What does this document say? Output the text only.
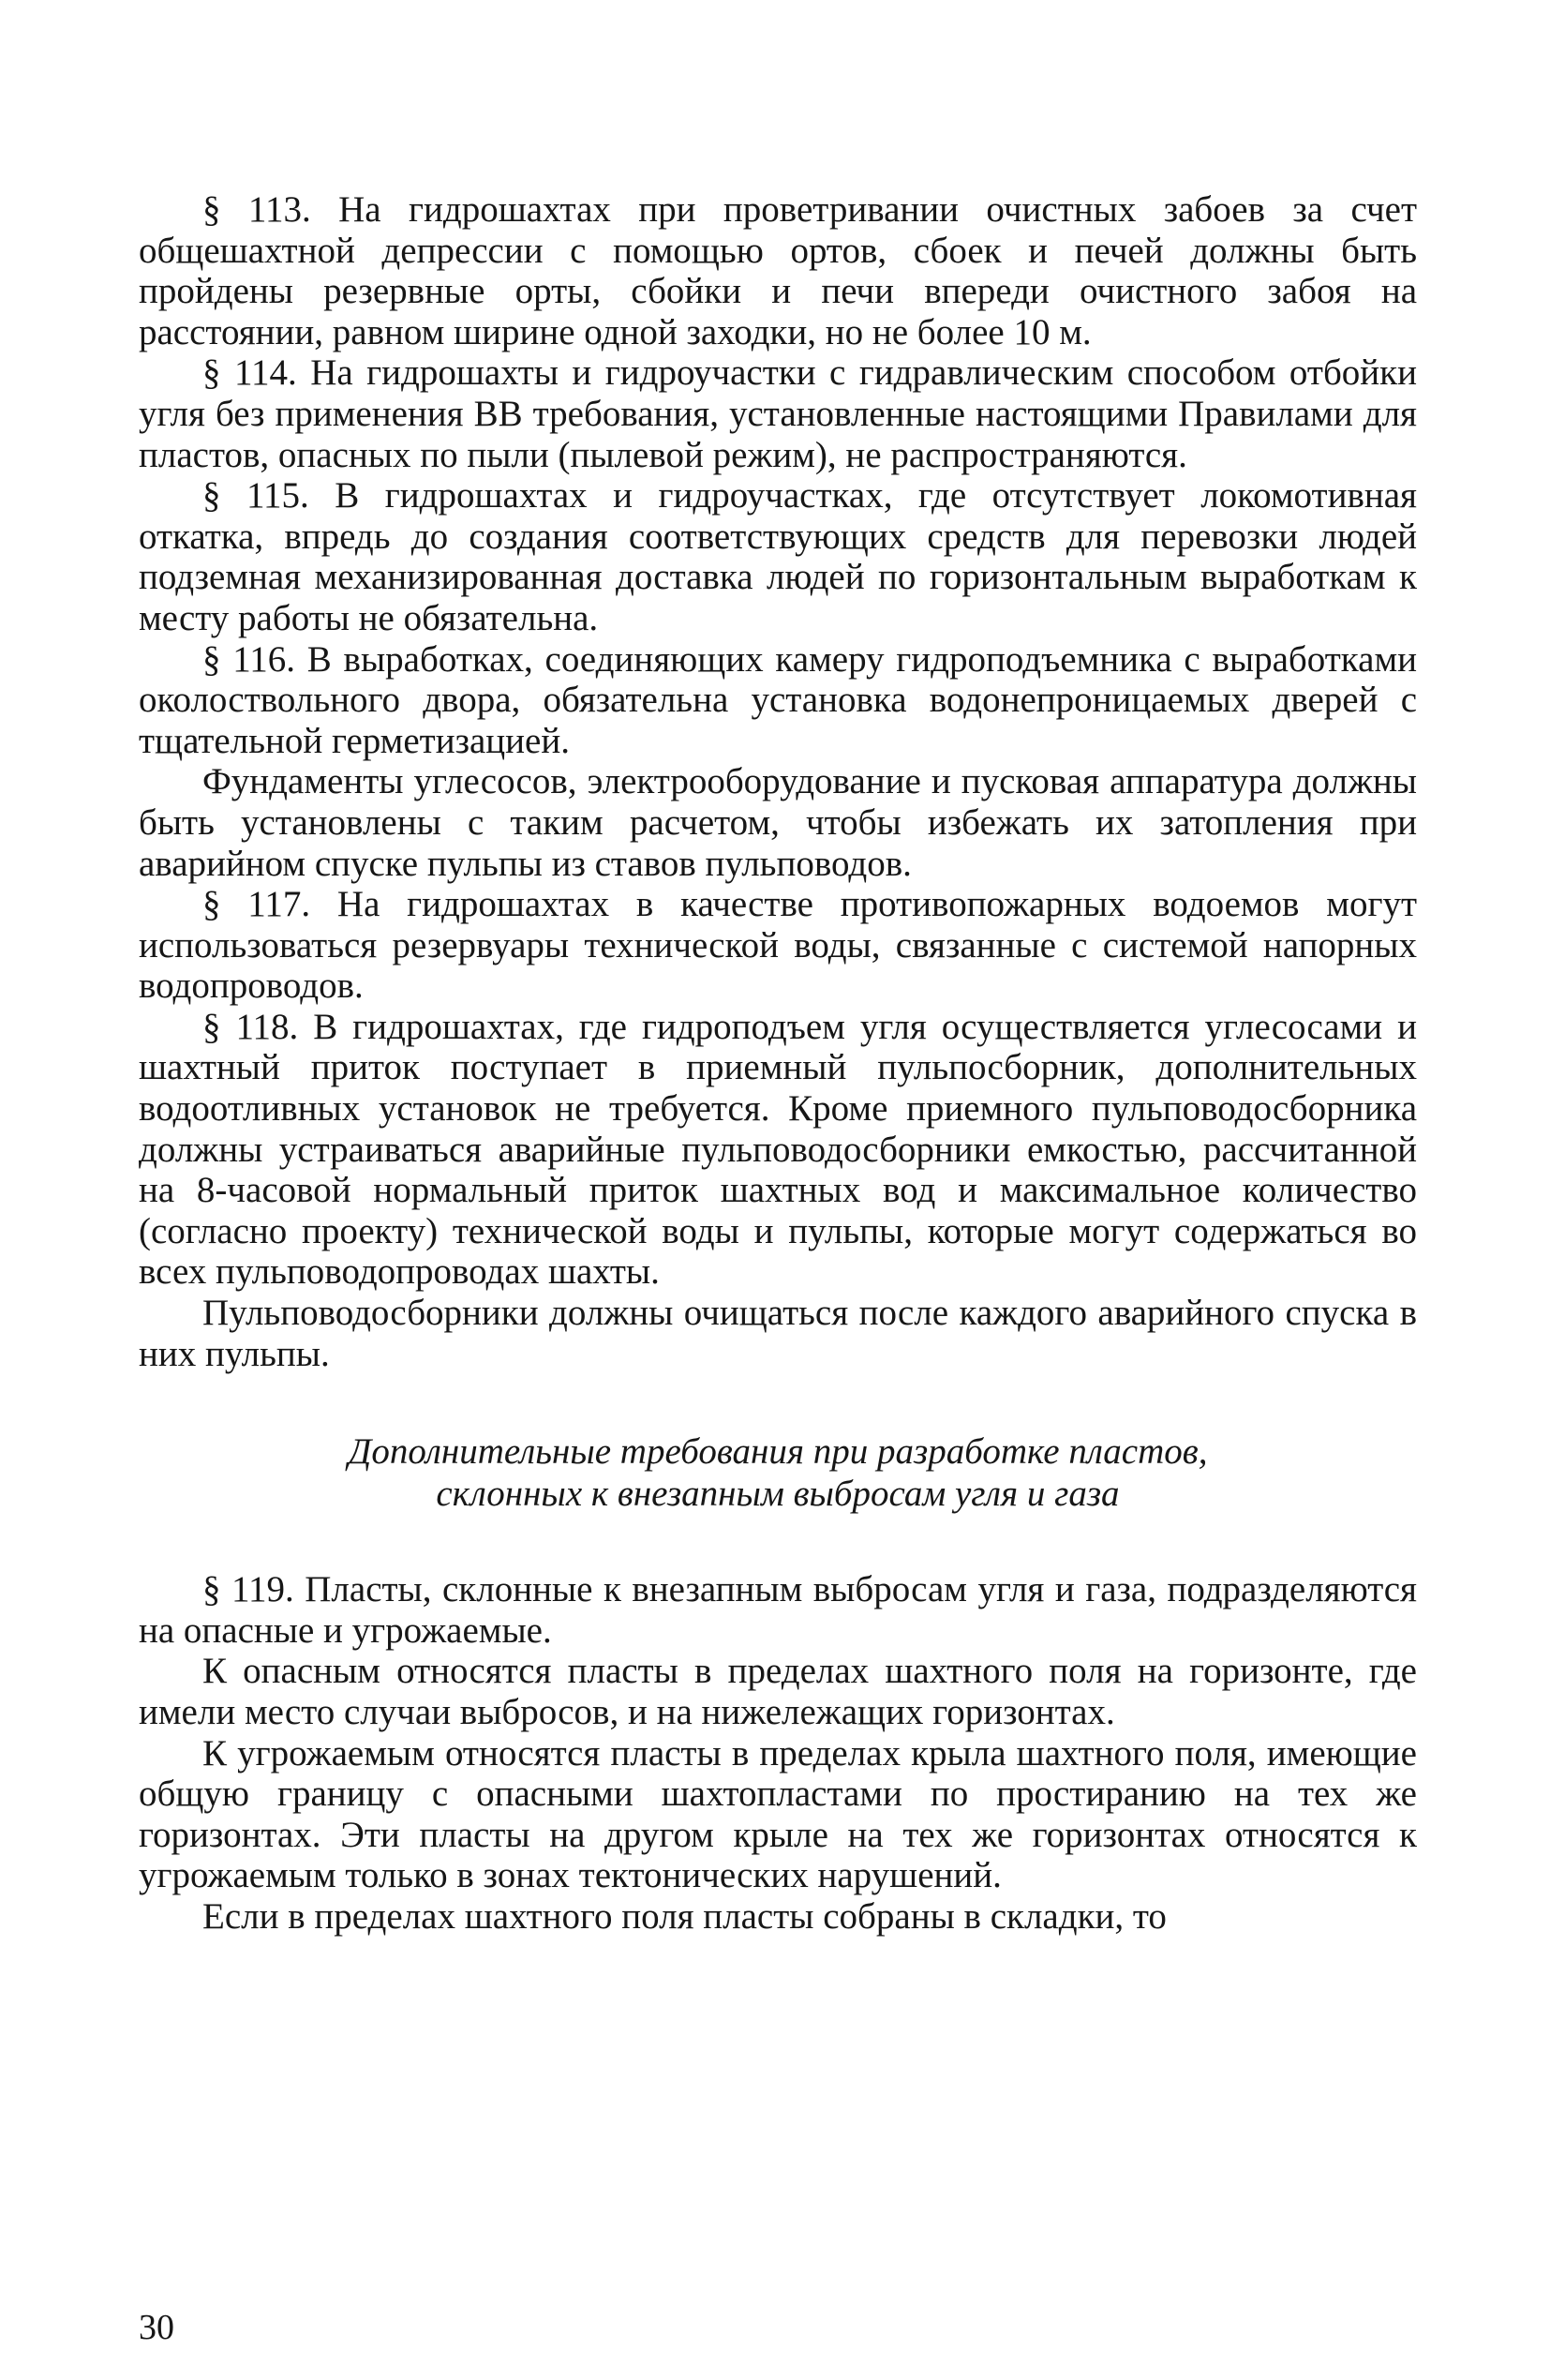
§ 113. На гидрошахтах при проветривании очистных забоев за счет общешахтной депрессии с помощью ортов, сбоек и печей должны быть пройдены резервные орты, сбойки и печи впереди очистного забоя на расстоянии, равном ширине одной заходки, но не более 10 м.

§ 114. На гидрошахты и гидроучастки с гидравлическим способом отбойки угля без применения ВВ требования, установленные настоящими Правилами для пластов, опасных по пыли (пылевой режим), не распространяются.

§ 115. В гидрошахтах и гидроучастках, где отсутствует локомотивная откатка, впредь до создания соответствующих средств для перевозки людей подземная механизированная доставка людей по горизонтальным выработкам к месту работы не обязательна.

§ 116. В выработках, соединяющих камеру гидроподъемника с выработками околоствольного двора, обязательна установка водонепроницаемых дверей с тщательной герметизацией.

Фундаменты углесосов, электрооборудование и пусковая аппаратура должны быть установлены с таким расчетом, чтобы избежать их затопления при аварийном спуске пульпы из ставов пульповодов.

§ 117. На гидрошахтах в качестве противопожарных водоемов могут использоваться резервуары технической воды, связанные с системой напорных водопроводов.

§ 118. В гидрошахтах, где гидроподъем угля осуществляется углесосами и шахтный приток поступает в приемный пульпосборник, дополнительных водоотливных установок не требуется. Кроме приемного пульповодосборника должны устраиваться аварийные пульповодосборники емкостью, рассчитанной на 8-часовой нормальный приток шахтных вод и максимальное количество (согласно проекту) технической воды и пульпы, которые могут содержаться во всех пульповодопроводах шахты.

Пульповодосборники должны очищаться после каждого аварийного спуска в них пульпы.

Дополнительные требования при разработке пластов,
склонных к внезапным выбросам угля и газа

§ 119. Пласты, склонные к внезапным выбросам угля и газа, подразделяются на опасные и угрожаемые.

К опасным относятся пласты в пределах шахтного поля на горизонте, где имели место случаи выбросов, и на нижележащих горизонтах.

К угрожаемым относятся пласты в пределах крыла шахтного поля, имеющие общую границу с опасными шахтопластами по простиранию на тех же горизонтах. Эти пласты на другом крыле на тех же горизонтах относятся к угрожаемым только в зонах тектонических нарушений.

Если в пределах шахтного поля пласты собраны в складки, то

30
